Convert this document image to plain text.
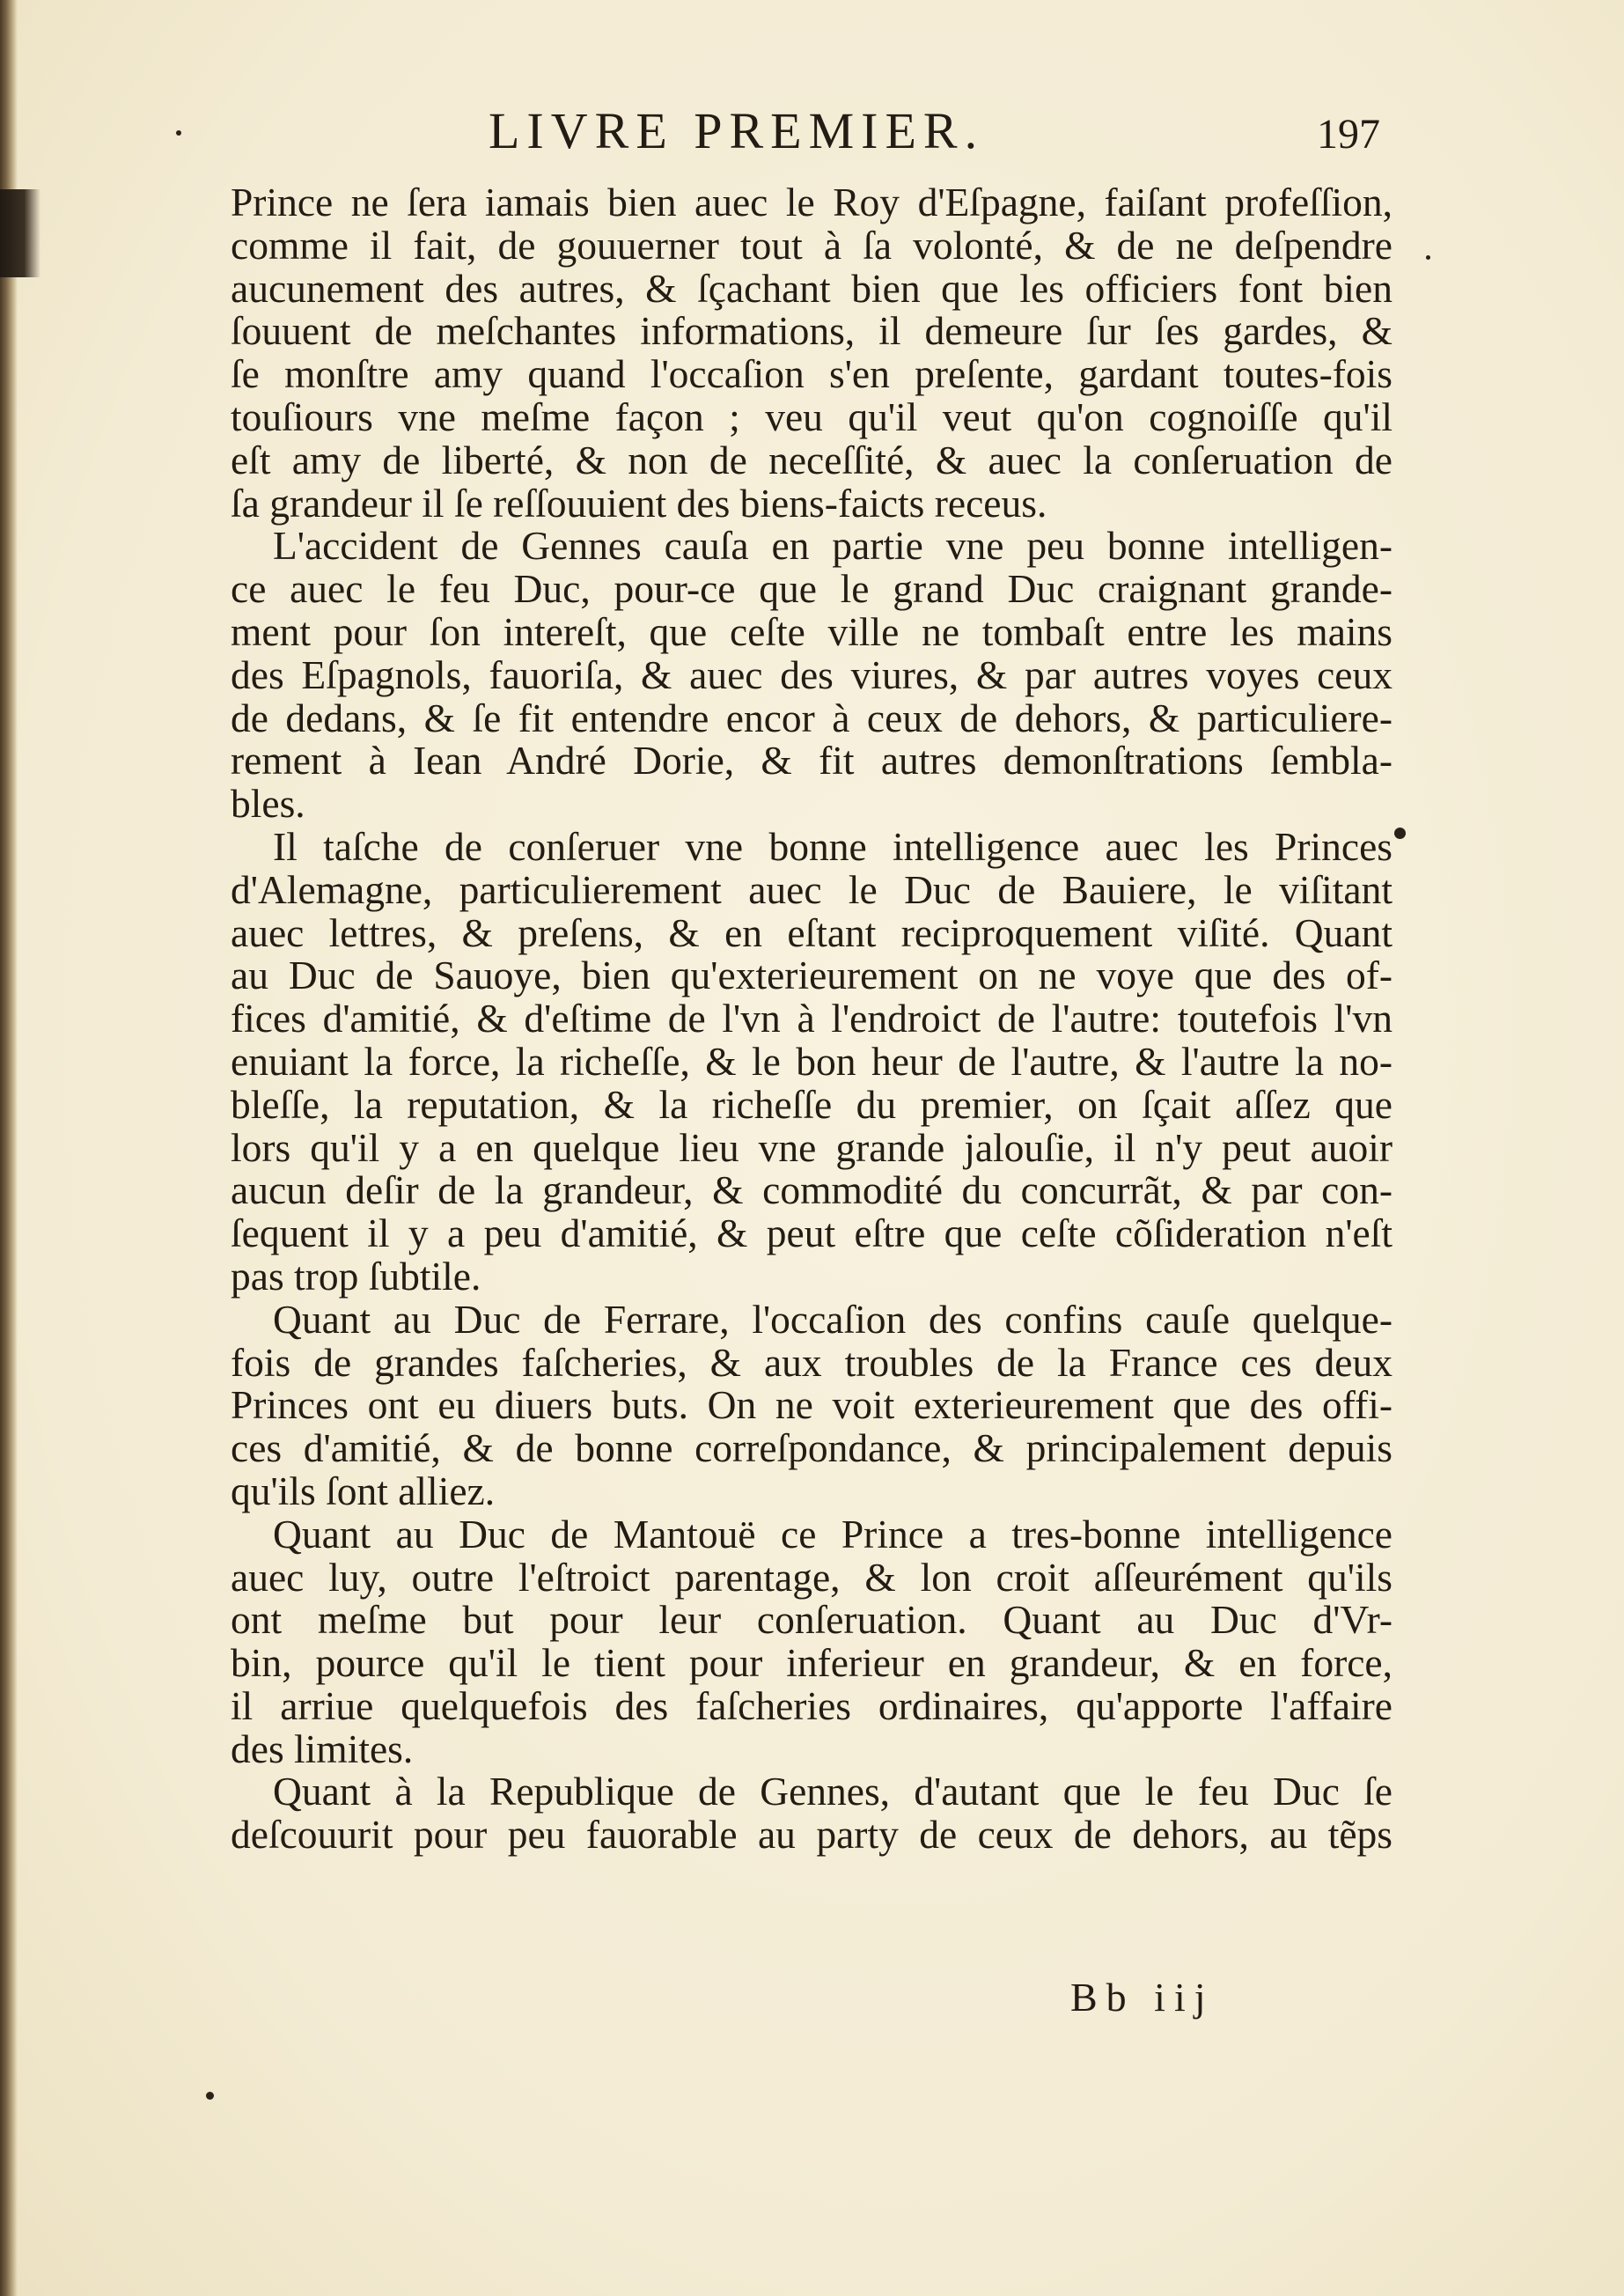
LIVRE PREMIER.	197
Prince ne ſera iamais bien auec le Roy d'Eſpagne, faiſant profeſſion,
comme il fait, de gouuerner tout à ſa volonté, & de ne deſpendre
aucunement des autres, & ſçachant bien que les officiers font bien
ſouuent de meſchantes informations, il demeure ſur ſes gardes, &
ſe monſtre amy quand l'occaſion s'en preſente, gardant toutes-fois
touſiours vne meſme façon ; veu qu'il veut qu'on cognoiſſe qu'il
eſt amy de liberté, & non de neceſſité, & auec la conſeruation de
ſa grandeur il ſe reſſouuient des biens-faicts receus.
L'accident de Gennes cauſa en partie vne peu bonne intelligen-
ce auec le feu Duc, pour-ce que le grand Duc craignant grande-
ment pour ſon intereſt, que ceſte ville ne tombaſt entre les mains
des Eſpagnols, fauoriſa, & auec des viures, & par autres voyes ceux
de dedans, & ſe fit entendre encor à ceux de dehors, & particuliere-
rement à Iean André Dorie, & fit autres demonſtrations ſembla-
bles.
Il taſche de conſeruer vne bonne intelligence auec les Princes
d'Alemagne, particulierement auec le Duc de Bauiere, le viſitant
auec lettres, & preſens, & en eſtant reciproquement viſité. Quant
au Duc de Sauoye, bien qu'exterieurement on ne voye que des of-
fices d'amitié, & d'eſtime de l'vn à l'endroict de l'autre: toutefois l'vn
enuiant la force, la richeſſe, & le bon heur de l'autre, & l'autre la no-
bleſſe, la reputation, & la richeſſe du premier, on ſçait aſſez que
lors qu'il y a en quelque lieu vne grande jalouſie, il n'y peut auoir
aucun deſir de la grandeur, & commodité du concurrãt, & par con-
ſequent il y a peu d'amitié, & peut eſtre que ceſte cõſideration n'eſt
pas trop ſubtile.
Quant au Duc de Ferrare, l'occaſion des confins cauſe quelque-
fois de grandes faſcheries, & aux troubles de la France ces deux
Princes ont eu diuers buts. On ne voit exterieurement que des offi-
ces d'amitié, & de bonne correſpondance, & principalement depuis
qu'ils ſont alliez.
Quant au Duc de Mantouë ce Prince a tres-bonne intelligence
auec luy, outre l'eſtroict parentage, & lon croit aſſeurément qu'ils
ont meſme but pour leur conſeruation. Quant au Duc d'Vr-
bin, pource qu'il le tient pour inferieur en grandeur, & en force,
il arriue quelquefois des faſcheries ordinaires, qu'apporte l'affaire
des limites.
Quant à la Republique de Gennes, d'autant que le feu Duc ſe
deſcouurit pour peu fauorable au party de ceux de dehors, au tẽps
Bb iij
